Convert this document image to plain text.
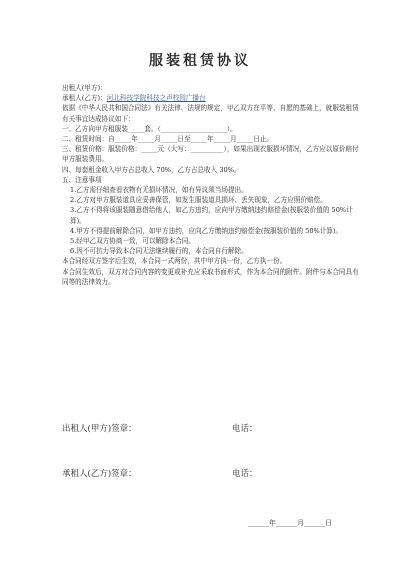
服装租赁协议
出租人(甲方)：
承租人(乙方)：河北科技学院科技之声校园广播台
依据《中华人民共和国合同法》有关法律、法规的规定，甲乙双方在平等、自愿的基础上，就服装租赁有关事宜达成协议如下：
一、乙方向甲方租服装_____套。（____________________）。
二、租赁时间：自_____年_____月_____日至_____年_____月_____日止。
三、租赁价格：服装价格：_____元（大写：__________），如果出现衣服损坏情况，乙方应以原价赔付甲方服装费用。
四、每套租金收入甲方占总收入 70%，乙方占总收入 30%。
五、注意事项
1.乙方需仔细查看衣物有无损坏情况，如有异议须当场提出。
2.乙方对甲方服装道具应妥善保管，如发生服装道具损坏、丢失现象，乙方应照价赔偿。
3.乙方不得将该服装随意借给他人，如乙方违约，应向甲方缴纳违约赔偿金(按服装价值的 50%计算)。
4.甲方不得提前解除合同，如甲方违约，应向乙方缴纳违约赔偿金(按服装价值的 50%计算)。
5.经甲乙双方协商一致，可以解除本合同。
6.因不可抗力导致本合同无法继续履行的，本合同自行解除。
本合同经双方签字后生效，本合同一式两份，其中甲方执一份，乙方执一份。
本合同生效后，双方对合同内容的变更或补充应采取书面形式，作为本合同的附件。附件与本合同具有同等的法律效力。
出租人(甲方)签章：	电话：
承租人(乙方)签章：	电话：
______年______月______日
